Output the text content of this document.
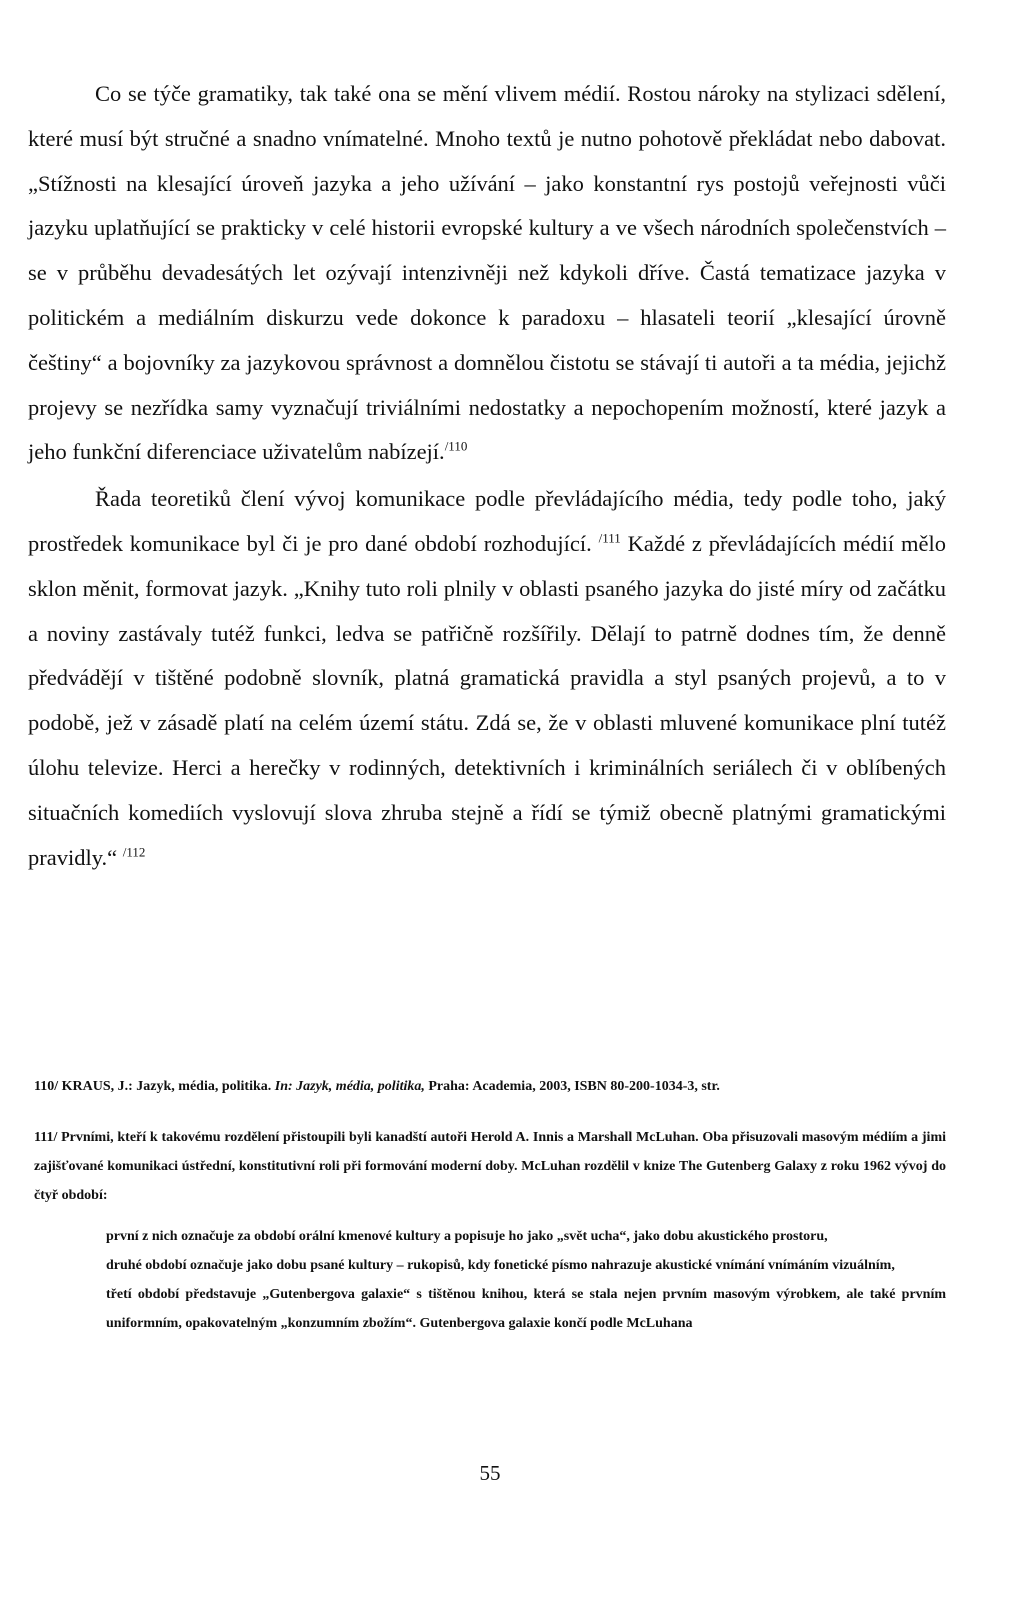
Co se týče gramatiky, tak také ona se mění vlivem médií. Rostou nároky na stylizaci sdělení, které musí být stručné a snadno vnímatelné. Mnoho textů je nutno pohotově překládat nebo dabovat. „Stížnosti na klesající úroveň jazyka a jeho užívání – jako konstantní rys postojů veřejnosti vůči jazyku uplatňující se prakticky v celé historii evropské kultury a ve všech národních společenstvích – se v průběhu devadesátých let ozývají intenzivněji než kdykoli dříve. Častá tematizace jazyka v politickém a mediálním diskurzu vede dokonce k paradoxu – hlasateli teorií „klesající úrovně češtiny“ a bojovníky za jazykovou správnost a domnělou čistotu se stávají ti autoři a ta média, jejichž projevy se nezřídka samy vyznačují triviálními nedostatky a nepochopením možností, které jazyk a jeho funkční diferenciace uživatelům nabízejí.$^{/110}$

Řada teoretiků člení vývoj komunikace podle převládajícího média, tedy podle toho, jaký prostředek komunikace byl či je pro dané období rozhodující. $^{/111}$ Každé z převládajících médií mělo sklon měnit, formovat jazyk. „Knihy tuto roli plnily v oblasti psaného jazyka do jisté míry od začátku a noviny zastávaly tutéž funkci, ledva se patřičně rozšířily. Dělají to patrně dodnes tím, že denně předvádějí v tištěné podobně slovník, platná gramatická pravidla a styl psaných projevů, a to v podobě, jež v zásadě platí na celém území státu. Zdá se, že v oblasti mluvené komunikace plní tutéž úlohu televize. Herci a herečky v rodinných, detektivních i kriminálních seriálech či v oblíbených situačních komediích vyslovují slova zhruba stejně a řídí se týmiž obecně platnými gramatickými pravidly.“ $^{/112}$

110/ KRAUS, J.: Jazyk, média, politika. In: Jazyk, média, politika, Praha: Academia, 2003, ISBN 80-200-1034-3, str.
111/ Prvními, kteří k takovému rozdělení přistoupili byli kanadští autoři Herold A. Innis a Marshall McLuhan. Oba přisuzovali masovým médiím a jimi zajišťované komunikaci ústřední, konstitutivní roli při formování moderní doby. McLuhan rozdělil v knize The Gutenberg Galaxy z roku 1962 vývoj do čtyř období:
první z nich označuje za období orální kmenové kultury a popisuje ho jako „svět ucha“, jako dobu akustického prostoru,
druhé období označuje jako dobu psané kultury – rukopisů, kdy fonetické písmo nahrazuje akustické vnímání vnímáním vizuálním,
třetí období představuje „Gutenbergova galaxie“ s tištěnou knihou, která se stala nejen prvním masovým výrobkem, ale také prvním uniformním, opakovatelným „konzumním zbožím“. Gutenbergova galaxie končí podle McLuhana
55
